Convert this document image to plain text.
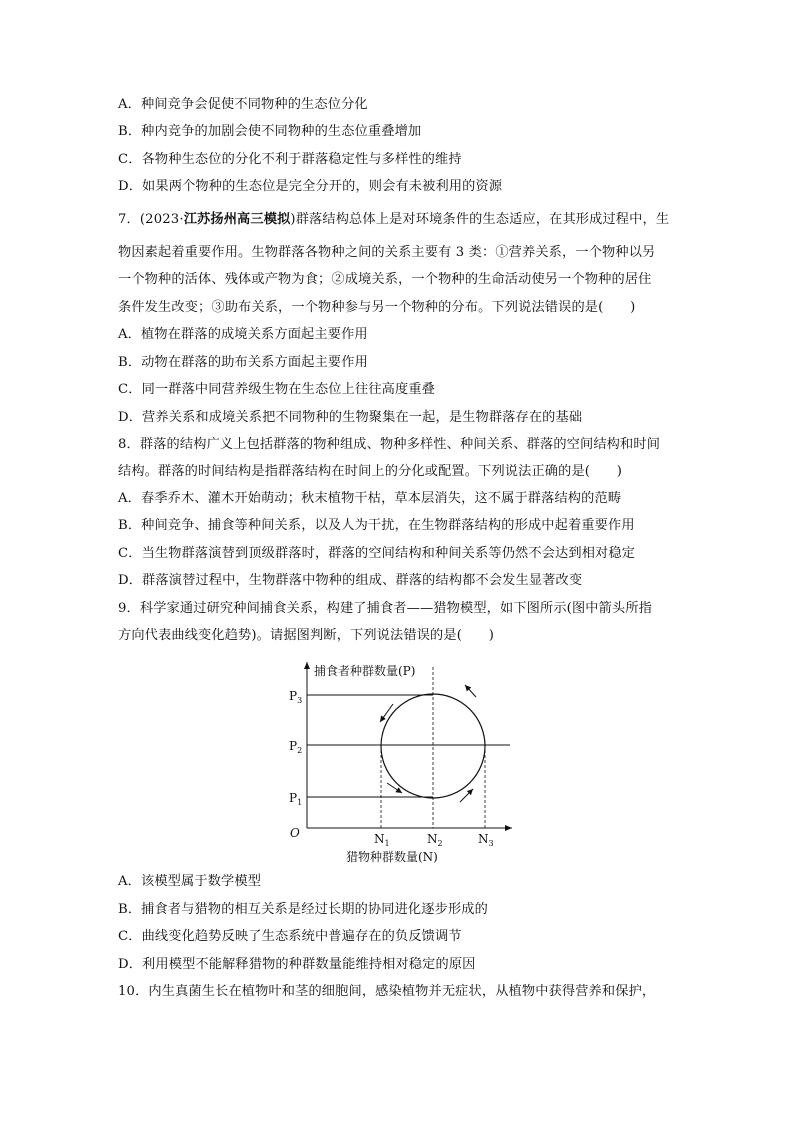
A．种间竞争会促使不同物种的生态位分化
B．种内竞争的加剧会使不同物种的生态位重叠增加
C．各物种生态位的分化不利于群落稳定性与多样性的维持
D．如果两个物种的生态位是完全分开的，则会有未被利用的资源
7．(2023·江苏扬州高三模拟)群落结构总体上是对环境条件的生态适应，在其形成过程中，生
物因素起着重要作用。生物群落各物种之间的关系主要有 3 类：①营养关系，一个物种以另
一个物种的活体、残体或产物为食；②成境关系，一个物种的生命活动使另一个物种的居住
条件发生改变；③助布关系，一个物种参与另一个物种的分布。下列说法错误的是(　　)
A．植物在群落的成境关系方面起主要作用
B．动物在群落的助布关系方面起主要作用
C．同一群落中同营养级生物在生态位上往往高度重叠
D．营养关系和成境关系把不同物种的生物聚集在一起，是生物群落存在的基础
8．群落的结构广义上包括群落的物种组成、物种多样性、种间关系、群落的空间结构和时间
结构。群落的时间结构是指群落结构在时间上的分化或配置。下列说法正确的是(　　)
A．春季乔木、灌木开始萌动；秋末植物干枯，草本层消失，这不属于群落结构的范畴
B．种间竞争、捕食等种间关系，以及人为干扰，在生物群落结构的形成中起着重要作用
C．当生物群落演替到顶级群落时，群落的空间结构和种间关系等仍然不会达到相对稳定
D．群落演替过程中，生物群落中物种的组成、群落的结构都不会发生显著改变
9．科学家通过研究种间捕食关系，构建了捕食者——猎物模型，如下图所示(图中箭头所指
方向代表曲线变化趋势)。请据图判断，下列说法错误的是(　　)
捕食者种群数量(P)
猎物种群数量(N)
O
$P_3$
$P_2$
$P_1$
$N_1$	$N_2$	$N_3$
A．该模型属于数学模型
B．捕食者与猎物的相互关系是经过长期的协同进化逐步形成的
C．曲线变化趋势反映了生态系统中普遍存在的负反馈调节
D．利用模型不能解释猎物的种群数量能维持相对稳定的原因
10．内生真菌生长在植物叶和茎的细胞间，感染植物并无症状，从植物中获得营养和保护，
